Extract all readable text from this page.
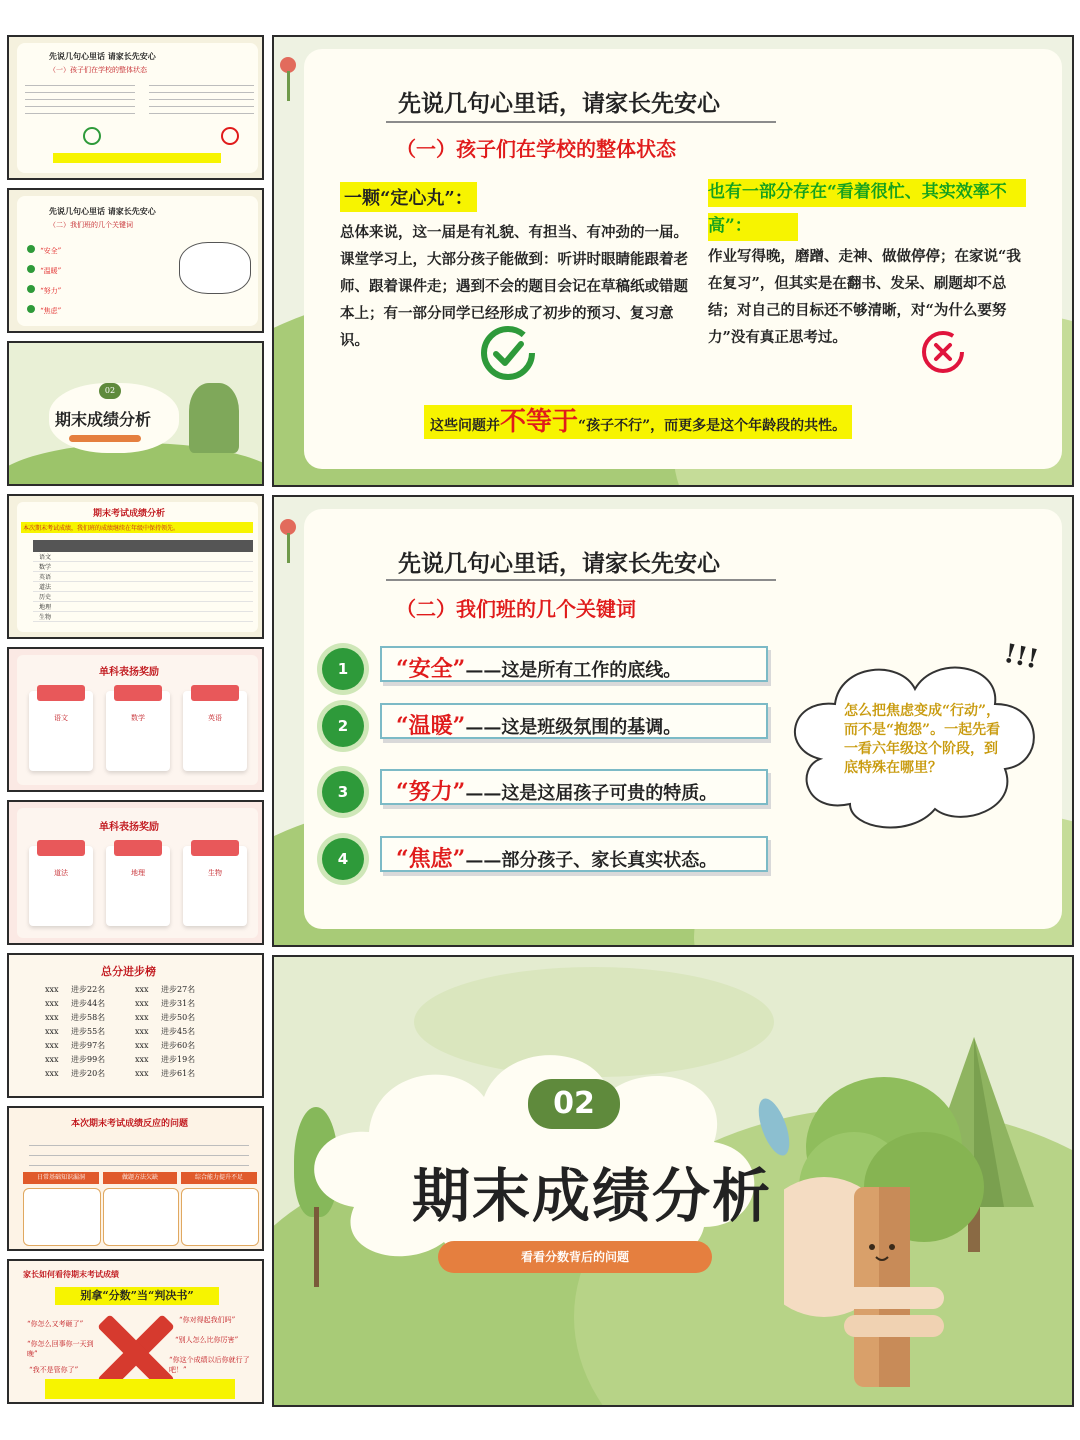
先说几句心里话 请家长先安心
（一）孩子们在学校的整体状态
先说几句心里话 请家长先安心
（二）我们班的几个关键词
“安全”
“温暖”
“努力”
“焦虑”
02
期末成绩分析
期末考试成绩分析
本次期末考试成绩，我们班的成绩继续在年级中保持领先。
语文
数学
英语
道法
历史
地理
生物
单科表扬奖励
语文	数学	英语
单科表扬奖励
道法	地理	生物
总分进步榜
xxx 进步22名	xxx 进步27名
xxx 进步44名	xxx 进步31名
xxx 进步58名	xxx 进步50名
xxx 进步55名	xxx 进步45名
xxx 进步97名	xxx 进步60名
xxx 进步99名	xxx 进步19名
xxx 进步20名	xxx 进步61名
本次期末考试成绩反应的问题
日常基础知识漏洞	做题方法欠缺	综合能力提升不足
家长如何看待期末考试成绩
别拿“分数”当“判决书”
“你怎么又考砸了”
“你怎么回事你一天到晚”
“我不是管你了”
“你对得起我们吗”
“别人怎么比你厉害”
“你这个成绩以后你就行了吧！”
先说几句心里话，请家长先安心
（一）孩子们在学校的整体状态
一颗“定心丸”：
总体来说，这一届是有礼貌、有担当、有冲劲的一届。课堂学习上，大部分孩子能做到：听讲时眼睛能跟着老师、跟着课件走；遇到不会的题目会记在草稿纸或错题本上；有一部分同学已经形成了初步的预习、复习意识。
也有一部分存在“看着很忙、其实效率不高”：
作业写得晚，磨蹭、走神、做做停停；在家说“我在复习”，但其实是在翻书、发呆、刷题却不总结；对自己的目标还不够清晰，对“为什么要努力”没有真正思考过。
这些问题并不等于“孩子不行”，而更多是这个年龄段的共性。
先说几句心里话，请家长先安心
（二）我们班的几个关键词
1	“安全”——这是所有工作的底线。
2	“温暖”——这是班级氛围的基调。
3	“努力”——这是这届孩子可贵的特质。
4	“焦虑”——部分孩子、家长真实状态。
怎么把焦虑变成“行动”，而不是“抱怨”。一起先看一看六年级这个阶段，到底特殊在哪里？
!!!
02
期末成绩分析
看看分数背后的问题
